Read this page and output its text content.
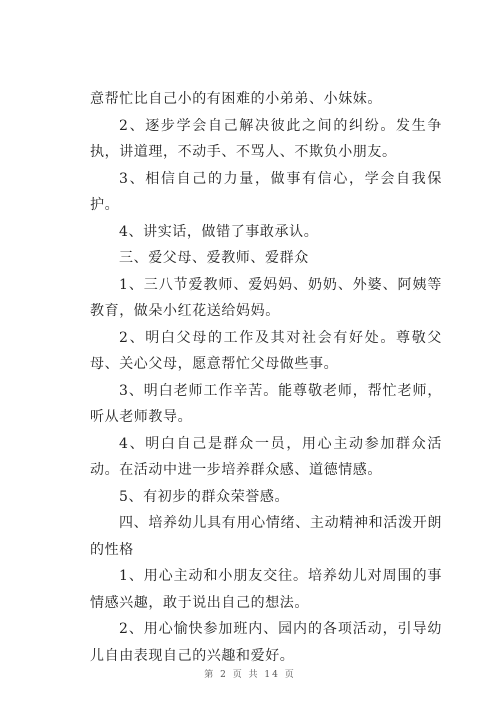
意帮忙比自己小的有困难的小弟弟、小妹妹。

2、逐步学会自己解决彼此之间的纠纷。发生争执，讲道理，不动手、不骂人、不欺负小朋友。

3、相信自己的力量，做事有信心，学会自我保护。

4、讲实话，做错了事敢承认。

三、爱父母、爱教师、爱群众

1、三八节爱教师、爱妈妈、奶奶、外婆、阿姨等教育，做朵小红花送给妈妈。

2、明白父母的工作及其对社会有好处。尊敬父母、关心父母，愿意帮忙父母做些事。

3、明白老师工作辛苦。能尊敬老师，帮忙老师，听从老师教导。

4、明白自己是群众一员，用心主动参加群众活动。在活动中进一步培养群众感、道德情感。

5、有初步的群众荣誉感。

四、培养幼儿具有用心情绪、主动精神和活泼开朗的性格

1、用心主动和小朋友交往。培养幼儿对周围的事情感兴趣，敢于说出自己的想法。

2、用心愉快参加班内、园内的各项活动，引导幼儿自由表现自己的兴趣和爱好。

第 2 页 共 14 页
